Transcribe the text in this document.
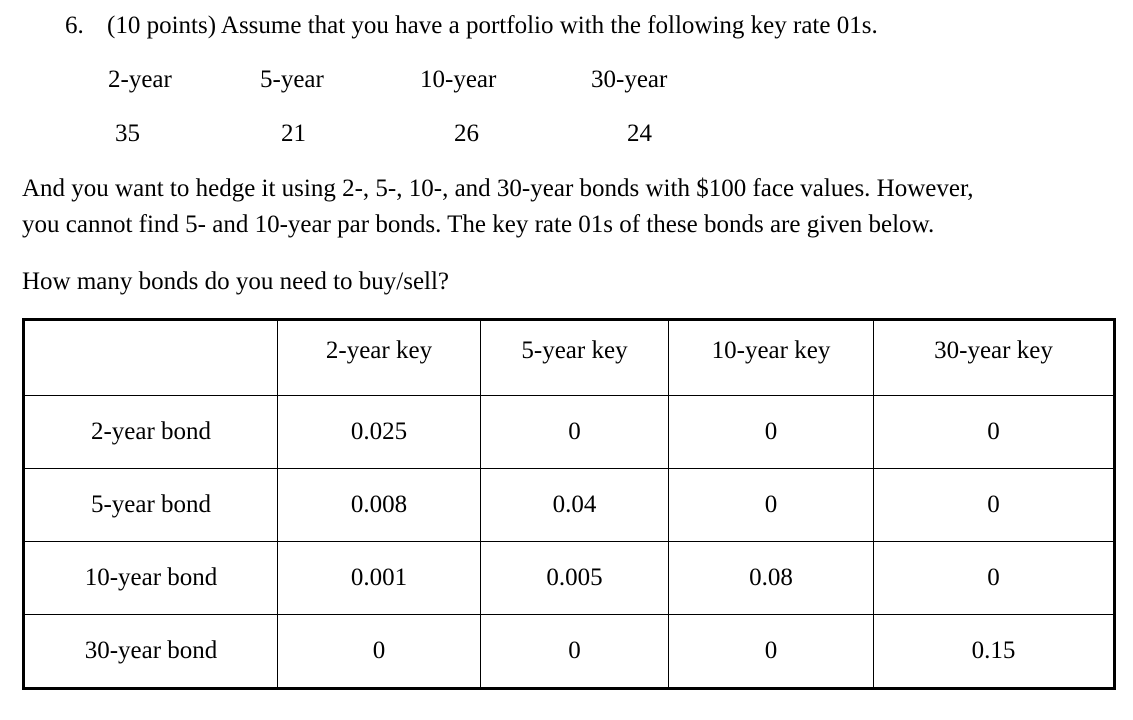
6. (10 points) Assume that you have a portfolio with the following key rate 01s.
2-year	5-year	10-year	30-year
35	21	26	24
And you want to hedge it using 2-, 5-, 10-, and 30-year bonds with $100 face values. However,
you cannot find 5- and 10-year par bonds. The key rate 01s of these bonds are given below.
How many bonds do you need to buy/sell?
	2-year key	5-year key	10-year key	30-year key
2-year bond	0.025	0	0	0
5-year bond	0.008	0.04	0	0
10-year bond	0.001	0.005	0.08	0
30-year bond	0	0	0	0.15
